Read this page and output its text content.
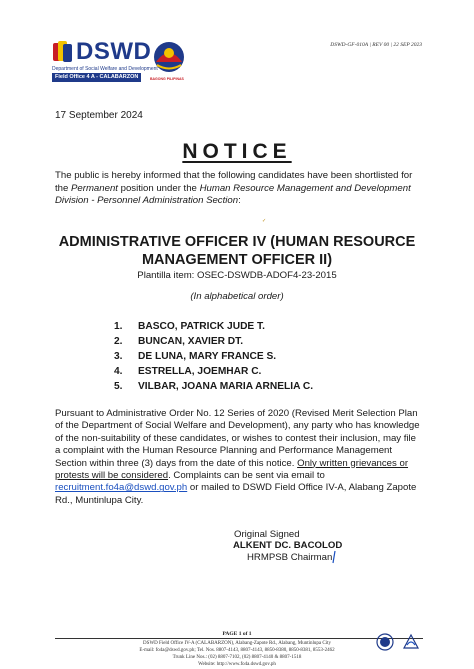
DSWD
Department of Social Welfare and Development
Field Office 4 A - CALABARZON	BAGONG PILIPINAS
DSWD-GF-010A | REV 00 | 22 SEP 2023
17 September 2024
NOTICE
The public is hereby informed that the following candidates have been shortlisted for the Permanent position under the Human Resource Management and Development Division - Personnel Administration Section:
✓
ADMINISTRATIVE OFFICER IV (HUMAN RESOURCE MANAGEMENT OFFICER II)
Plantilla item: OSEC-DSWDB-ADOF4-23-2015
(In alphabetical order)
1.	BASCO, PATRICK JUDE T.
2.	BUNCAN, XAVIER DT.
3.	DE LUNA, MARY FRANCE S.
4.	ESTRELLA, JOEMHAR C.
5.	VILBAR, JOANA MARIA ARNELIA C.
Pursuant to Administrative Order No. 12 Series of 2020 (Revised Merit Selection Plan of the Department of Social Welfare and Development), any party who has knowledge of the non-suitability of these candidates, or wishes to contest their inclusion, may file a complaint with the Human Resource Planning and Performance Management Section within three (3) days from the date of this notice. Only written grievances or protests will be considered. Complaints can be sent via email to recruitment.fo4a@dswd.gov.ph or mailed to DSWD Field Office IV-A, Alabang Zapote Rd., Muntinlupa City.
Original Signed
ALKENT DC. BACOLOD
HRMPSB Chairman
PAGE 1 of 1
DSWD Field Office IV-A (CALABARZON), Alabang-Zapote Rd., Alabang, Muntinlupa City
E-mail: fo4a@dswd.gov.ph; Tel. Nos. 8807-4143, 8807-4143, 8850-8380, 8850-8381, 8553-2462
Trunk Line Nos.: (02) 8807-7102, (02) 8807-4140 & 8807-1518
Website: http://www.fo4a.dswd.gov.ph
